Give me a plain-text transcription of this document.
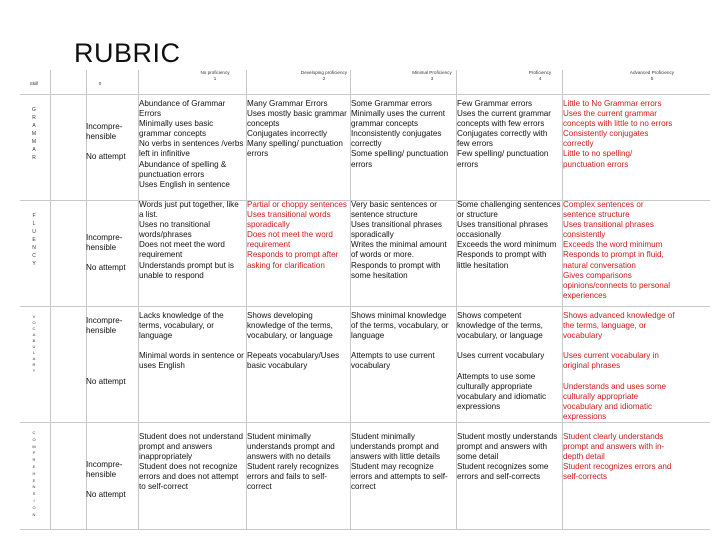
RUBRIC
Skill	0
No proficiency
1
Developing proficiency
2
Minimal Proficiency
3
Proficiency
4
Advanced Proficiency
5
G
R
A
M
M
A
R
F
L
U
E
N
C
Y
V
O
C
A
B
U
L
A
R
Y
C
O
M
P
R
E
H
E
N
S
I
O
N
Incompre-
hensible

No attempt
Incompre-
hensible

No attempt
Incompre-
hensible

No attempt
Incompre-
hensible

No attempt
Abundance of Grammar Errors
Minimally uses basic grammar concepts
No verbs in sentences /verbs left in infinitive
Abundance of spelling & punctuation errors
Uses English in sentence
Many Grammar Errors
Uses mostly basic grammar concepts
Conjugates incorrectly
Many spelling/ punctuation errors
Some Grammar errors
Minimally uses the current grammar concepts
Inconsistently conjugates correctly
Some spelling/ punctuation errors
Few Grammar errors
Uses the current grammar concepts with few errors
Conjugates correctly with few errors
Few spelling/ punctuation errors
Little to No Grammar errors
Uses the current grammar concepts with little to no errors
Consistently conjugates correctly
Little to no spelling/ punctuation errors
Words just put together, like a list.
Uses no transitional words/phrases
Does not meet the word requirement
Understands prompt but is unable to respond
Partial or choppy sentences
Uses transitional words sporadically
Does not meet the word requirement
Responds to prompt after asking for clarification
Very basic sentences or sentence structure
Uses transitional phrases sporadically
Writes the minimal amount of words or more.
Responds to prompt with some hesitation
Some challenging sentences or structure
Uses transitional phrases occasionally
Exceeds the word minimum
Responds to prompt with little hesitation
Complex sentences or sentence structure
Uses transitional phrases consistently
Exceeds the word minimum
Responds to prompt in fluid, natural conversation
Gives comparisons opinions/connects to personal experiences
Lacks knowledge of the terms, vocabulary, or language

Minimal words in sentence or uses English
Shows developing knowledge of the terms, vocabulary, or language

Repeats vocabulary/Uses basic vocabulary
Shows minimal knowledge of the terms, vocabulary, or language

Attempts to use current vocabulary
Shows competent knowledge of the terms, vocabulary, or language

Uses current vocabulary

Attempts to use some culturally appropriate vocabulary and idiomatic expressions
Shows advanced knowledge of the terms, language, or vocabulary

Uses current vocabulary in original phrases

Understands and uses some culturally appropriate vocabulary and idiomatic expressions
Student does not understand prompt and answers inappropriately
Student does not recognize errors and does not attempt to self-correct
Student minimally understands prompt and answers with no details
Student rarely recognizes errors and fails to self-correct
Student minimally understands prompt and answers with little details
Student may recognize errors and attempts to self-correct
Student mostly understands prompt and answers with some detail
Student recognizes some errors and self-corrects
Student clearly understands prompt and answers with in-depth detail
Student recognizes errors and self-corrects
